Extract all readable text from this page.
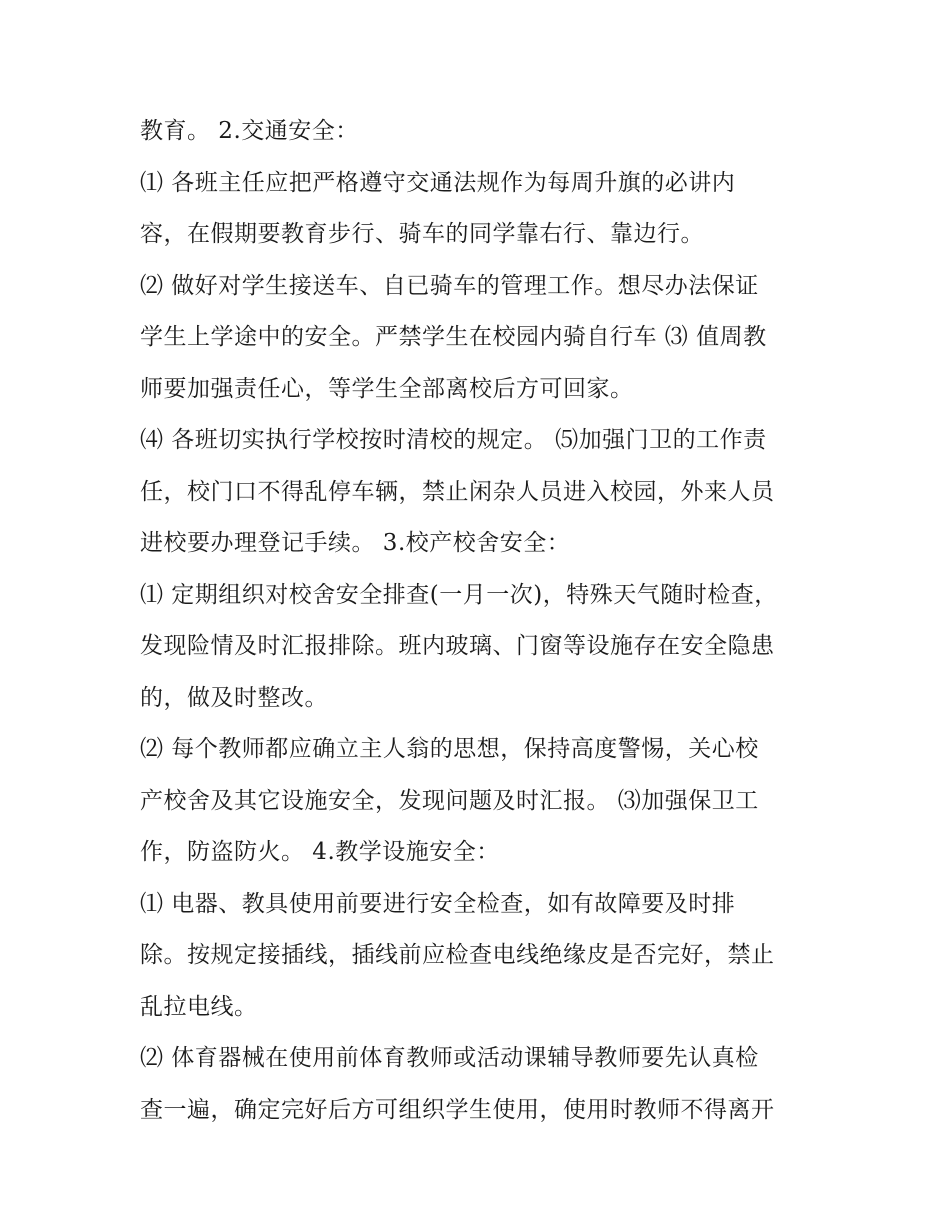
教育。 2.交通安全：
⑴ 各班主任应把严格遵守交通法规作为每周升旗的必讲内
容，在假期要教育步行、骑车的同学靠右行、靠边行。
⑵ 做好对学生接送车、自已骑车的管理工作。想尽办法保证
学生上学途中的安全。严禁学生在校园内骑自行车 ⑶ 值周教
师要加强责任心，等学生全部离校后方可回家。
⑷ 各班切实执行学校按时清校的规定。 ⑸加强门卫的工作责
任，校门口不得乱停车辆，禁止闲杂人员进入校园，外来人员
进校要办理登记手续。 3.校产校舍安全：
⑴ 定期组织对校舍安全排查(一月一次)，特殊天气随时检查，
发现险情及时汇报排除。班内玻璃、门窗等设施存在安全隐患
的，做及时整改。
⑵ 每个教师都应确立主人翁的思想，保持高度警惕，关心校
产校舍及其它设施安全，发现问题及时汇报。 ⑶加强保卫工
作，防盗防火。 4.教学设施安全：
⑴ 电器、教具使用前要进行安全检查，如有故障要及时排
除。按规定接插线，插线前应检查电线绝缘皮是否完好，禁止
乱拉电线。
⑵ 体育器械在使用前体育教师或活动课辅导教师要先认真检
查一遍，确定完好后方可组织学生使用，使用时教师不得离开
